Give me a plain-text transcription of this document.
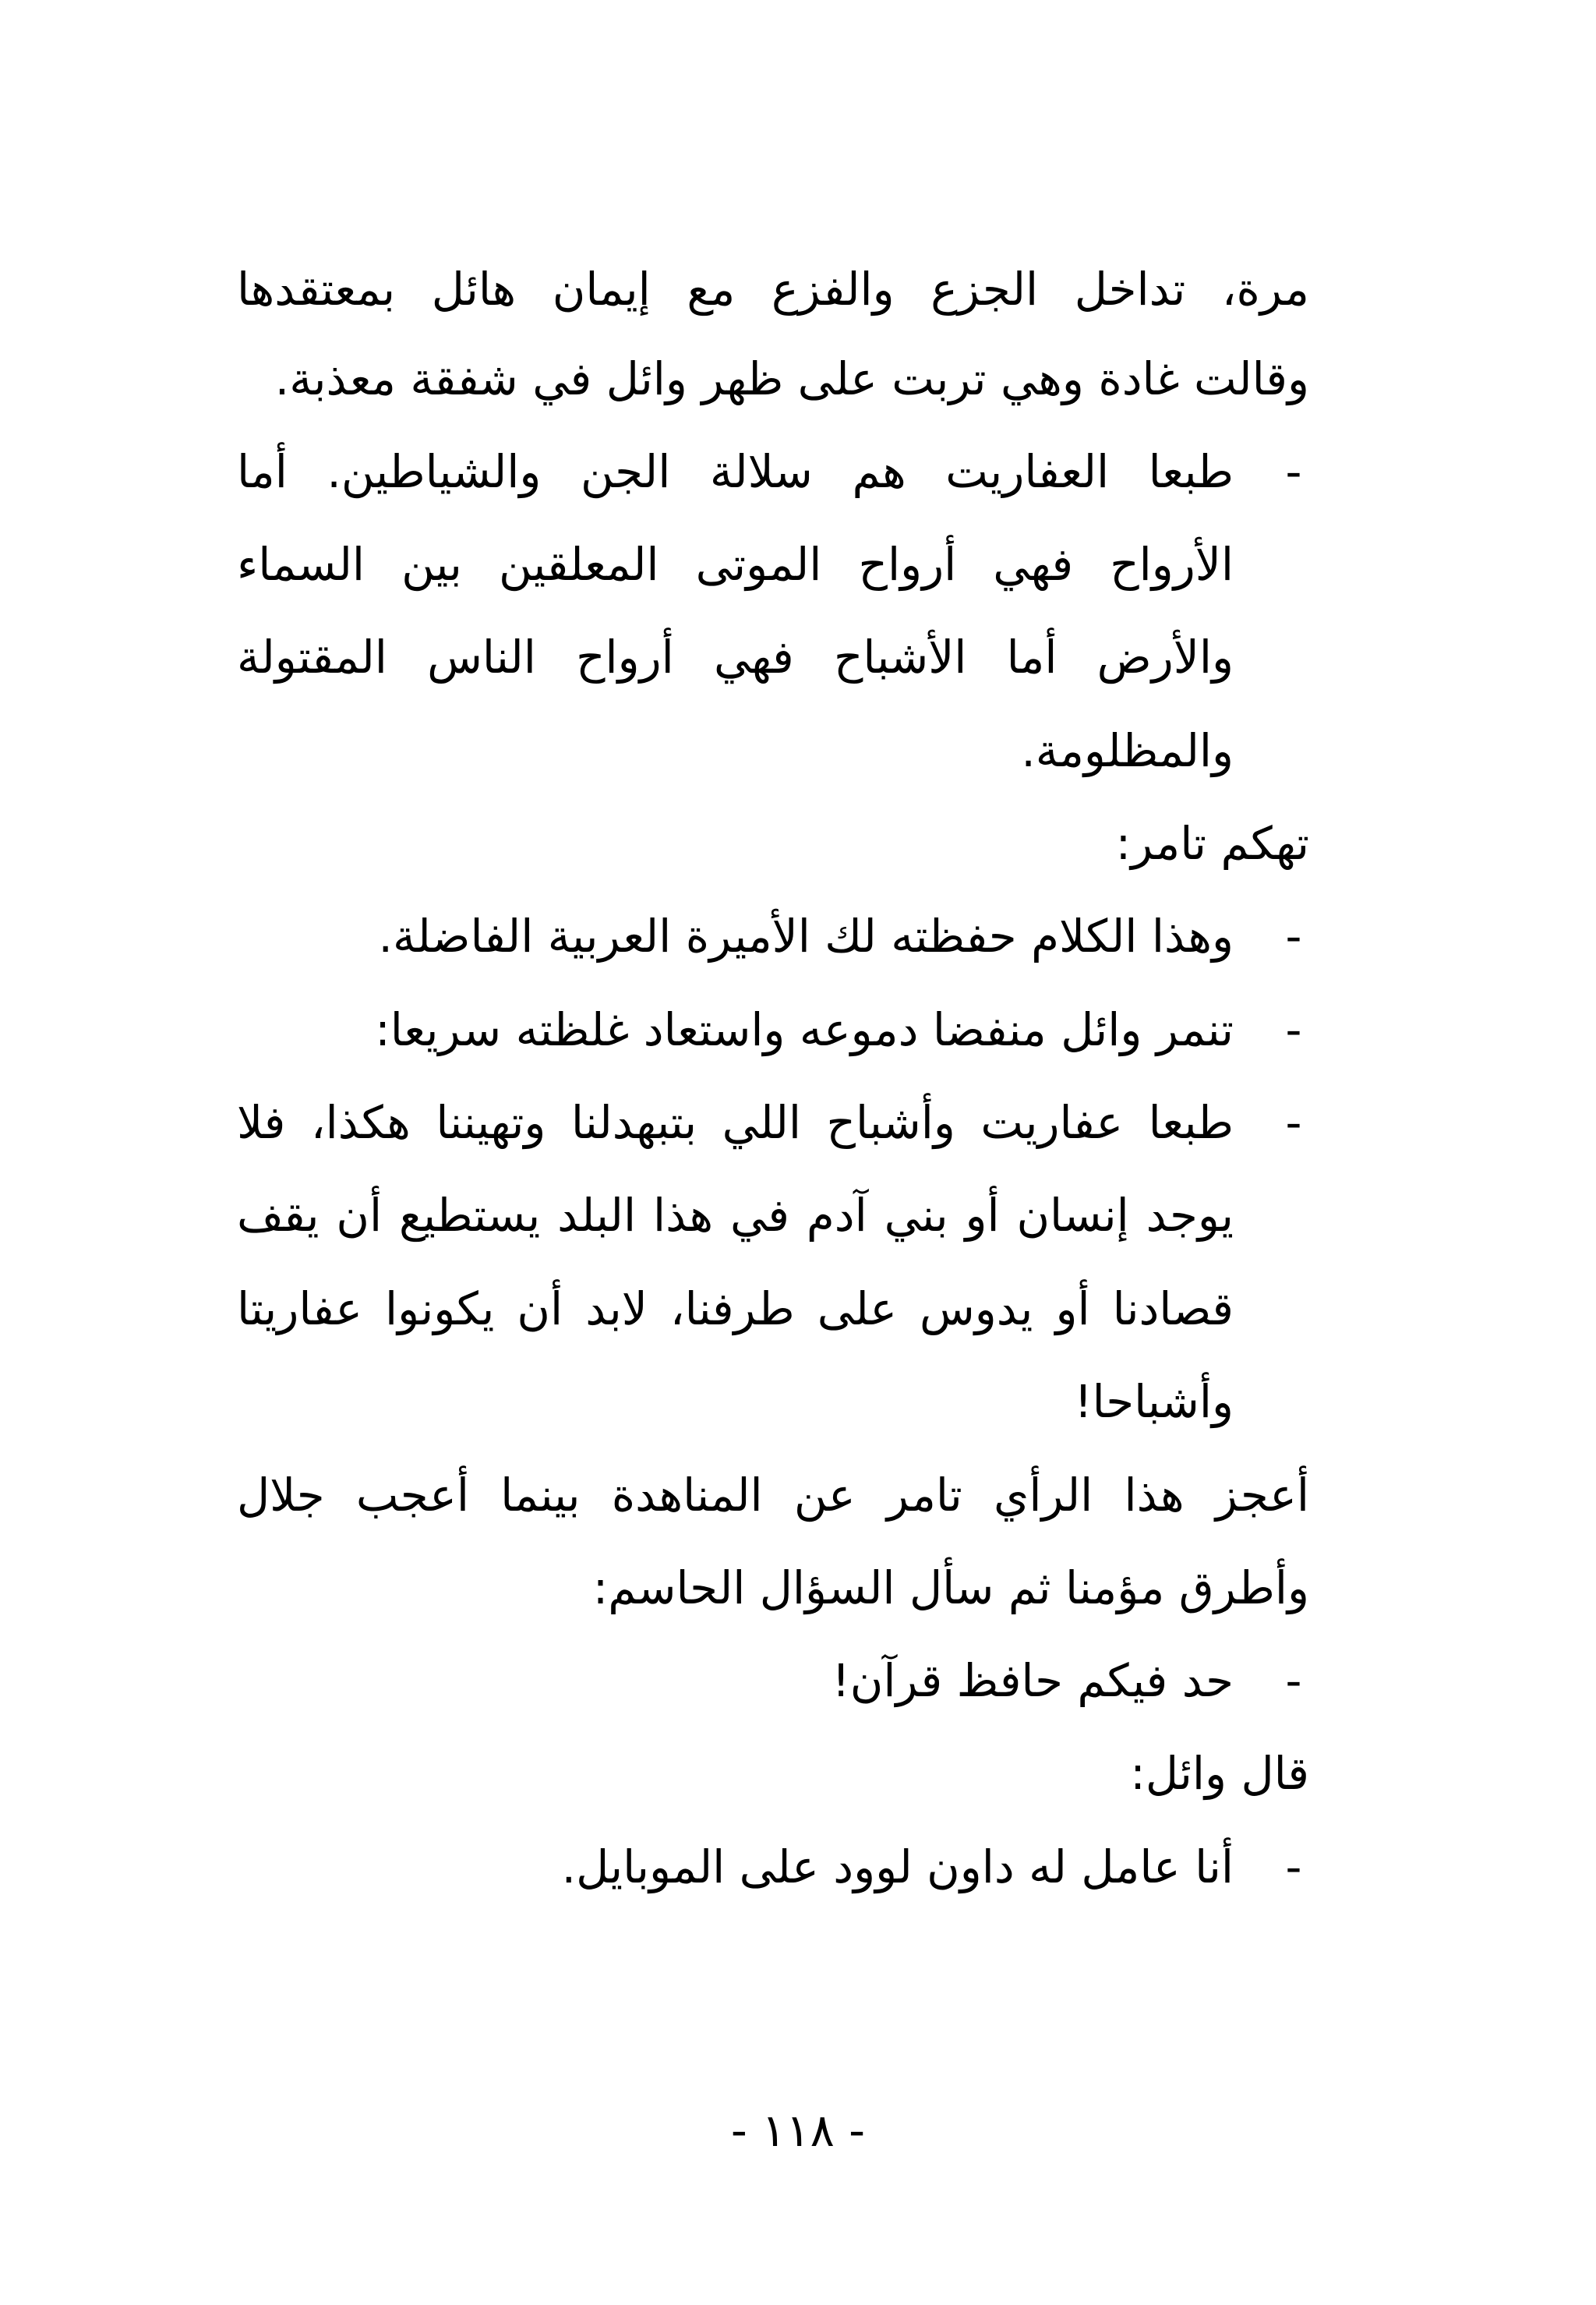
مرة، تداخل الجزع والفزع مع إيمان هائل بمعتقدها
وقالت غادة وهي تربت على ظهر وائل في شفقة معذبة.
-
طبعا العفاريت هم سلالة الجن والشياطين. أما
الأرواح فهي أرواح الموتى المعلقين بين السماء
والأرض أما الأشباح فهي أرواح الناس المقتولة
والمظلومة.
تهكم تامر:
-
وهذا الكلام حفظته لك الأميرة العربية الفاضلة.
-
تنمر وائل منفضا دموعه واستعاد غلظته سريعا:
-
طبعا عفاريت وأشباح اللي بتبهدلنا وتهيننا هكذا، فلا
يوجد إنسان أو بني آدم في هذا البلد يستطيع أن يقف
قصادنا أو يدوس على طرفنا، لابد أن يكونوا عفاريتا
وأشباحا!
أعجز هذا الرأي تامر عن المناهدة بينما أعجب جلال
وأطرق مؤمنا ثم سأل السؤال الحاسم:
-
حد فيكم حافظ قرآن!
قال وائل:
-
أنا عامل له داون لوود على الموبايل.
- ١١٨ -
